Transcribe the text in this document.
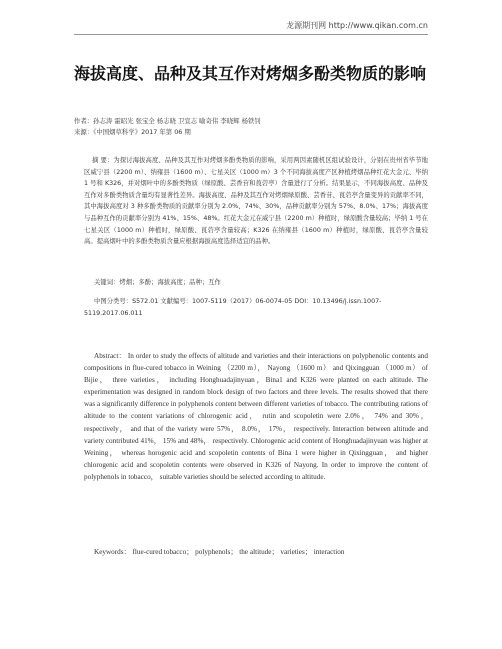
龙源期刊网 http://www.qikan.com.cn
海拔高度、品种及其互作对烤烟多酚类物质的影响
作者：孙志涛 霍昭光 张宝全 杨志晓 卫宣志 喻奇伟 李晓辉 杨铁钊
来源：《中国烟草科学》2017 年第 06 期

摘 要：为探讨海拔高度、品种及其互作对烤烟多酚类物质的影响，采用两因素随机区组试验设计，分别在贵州省毕节地区威宁县（2200 m）、纳雍县（1600 m）、七星关区（1000 m）3 个不同海拔高度产区种植烤烟品种红花大金元、毕纳 1 号和 K326，并对烟叶中的多酚类物质（绿原酸、芸香苷和莨菪亭）含量进行了分析。结果显示，不同海拔高度、品种及互作对多酚类物质含量均有显著性差异。海拔高度、品种及其互作对烤烟绿原酸、芸香苷、莨菪亭含量变异的贡献率不同，其中海拔高度对 3 种多酚类物质的贡献率分别为 2.0%、74%、30%，品种贡献率分别为 57%、8.0%、17%；海拔高度与品种互作的贡献率分别为 41%、15%、48%。红花大金元在威宁县（2200 m）种植时，绿原酸含量较高；毕纳 1 号在七星关区（1000 m）种植时，绿原酸、莨菪亭含量较高；K326 在纳雍县（1600 m）种植时，绿原酸、莨菪亭含量较高。提高烟叶中的多酚类物质含量应根据海拔高度选择适宜的品种。

关键词：烤烟；多酚；海拔高度；品种；互作

中图分类号：S572.01 文献编号：1007-5119（2017）06-0074-05 DOI：10.13496/j.issn.1007-5119.2017.06.011

Abstract： In order to study the effects of altitude and varieties and their interactions on polyphenolic contents and compositions in flue-cured tobacco in Weining （2200 m）， Nayong （1600 m） and Qixingguan （1000 m） of Bijie， three varieties， including Honghuadajinyuan，Bina1 and K326 were planted on each altitude. The experimentation was designed in random block design of two factors and three levels. The results showed that there was a significantly difference in polyphenols content between different varieties of tobacco. The contributing rations of altitude to the content variations of chlorogenic acid， rutin and scopoletin were 2.0%， 74% and 30%，respectively， and that of the variety were 57%， 8.0%， 17%， respectively. Interaction between altitude and variety contributed 41%， 15% and 48%， respectively. Chlorogenic acid content of Honghuadajinyuan was higher at Weining， whereas horogenic acid and scopoletin contents of Bina 1 were higher in Qixingguan， and higher chlorogenic acid and scopoletin contents were observed in K326 of Nayong. In order to improve the content of polyphenols in tobacco， suitable varieties should be selected according to altitude.

Keywords： flue-cured tobacco； polyphenols； the altitude； varieties； interaction
